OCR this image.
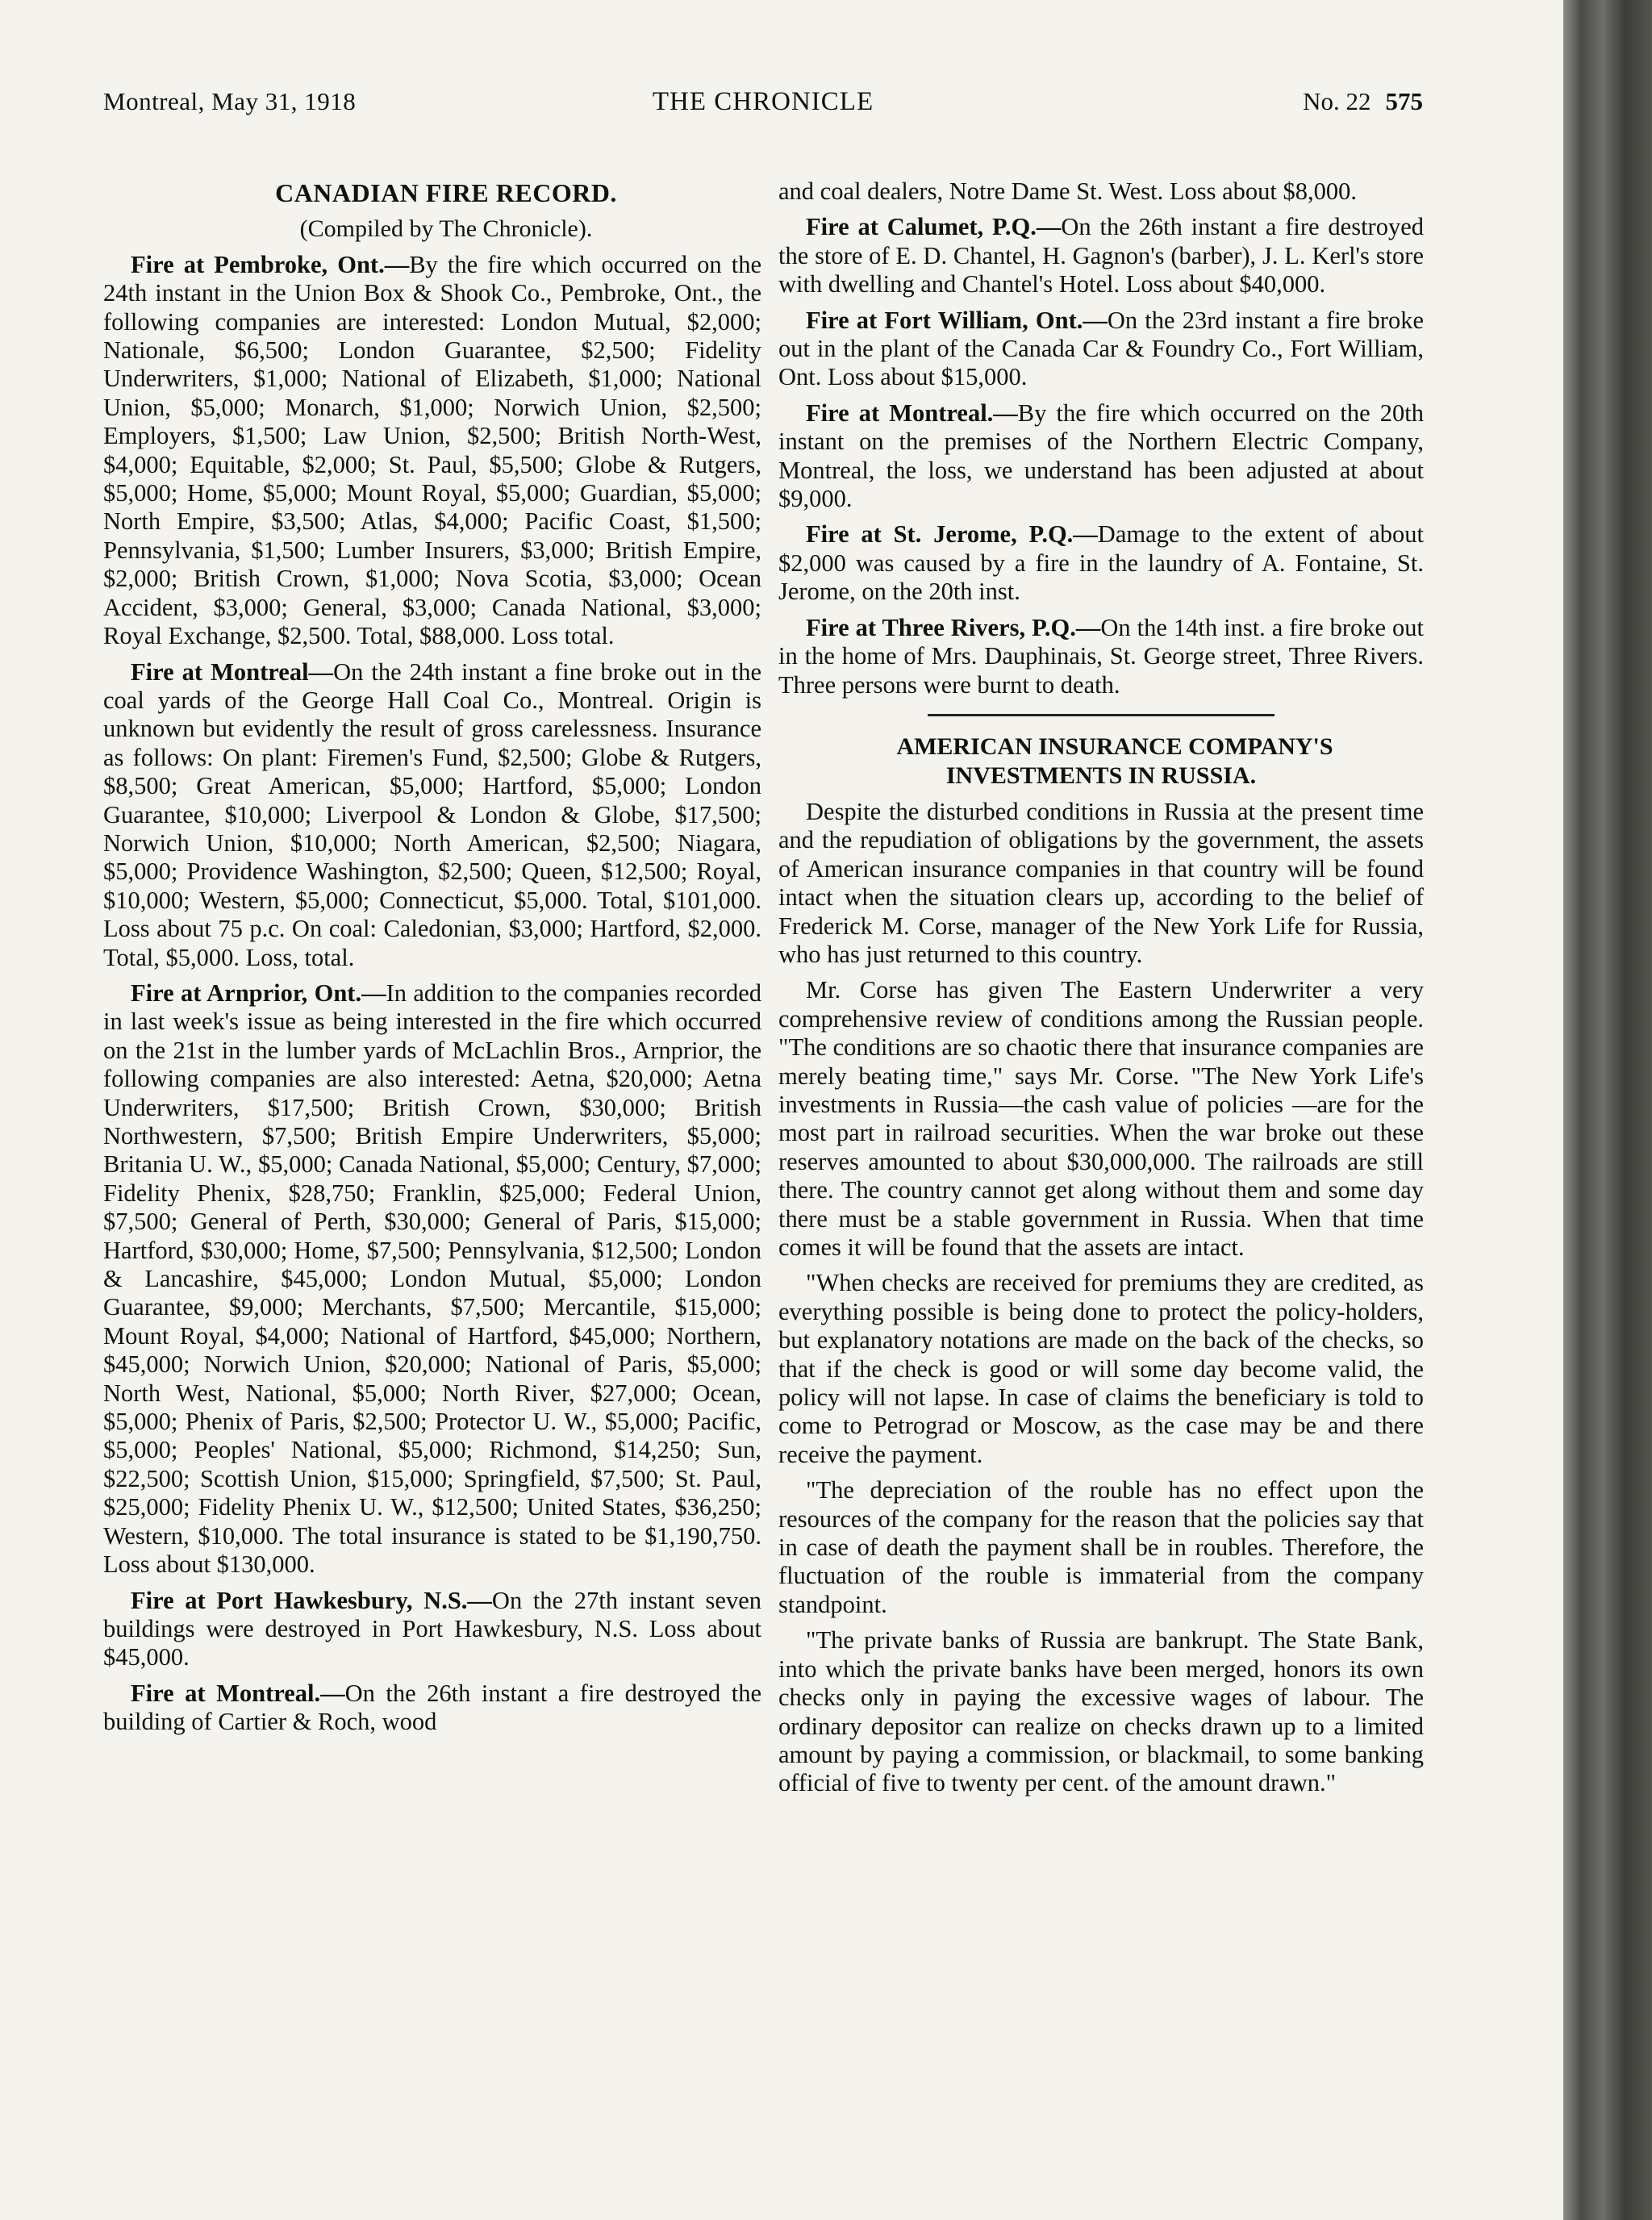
Montreal, May 31, 1918	THE CHRONICLE	No. 22 575

CANADIAN FIRE RECORD.

(Compiled by The Chronicle).

Fire at Pembroke, Ont.—By the fire which occurred on the 24th instant in the Union Box & Shook Co., Pembroke, Ont., the following companies are interested: London Mutual, $2,000; Nationale, $6,500; London Guarantee, $2,500; Fidelity Underwriters, $1,000; National of Elizabeth, $1,000; National Union, $5,000; Monarch, $1,000; Norwich Union, $2,500; Employers, $1,500; Law Union, $2,500; British North-West, $4,000; Equitable, $2,000; St. Paul, $5,500; Globe & Rutgers, $5,000; Home, $5,000; Mount Royal, $5,000; Guardian, $5,000; North Empire, $3,500; Atlas, $4,000; Pacific Coast, $1,500; Pennsylvania, $1,500; Lumber Insurers, $3,000; British Empire, $2,000; British Crown, $1,000; Nova Scotia, $3,000; Ocean Accident, $3,000; General, $3,000; Canada National, $3,000; Royal Exchange, $2,500. Total, $88,000. Loss total.

Fire at Montreal—On the 24th instant a fine broke out in the coal yards of the George Hall Coal Co., Montreal. Origin is unknown but evidently the result of gross carelessness. Insurance as follows: On plant: Firemen's Fund, $2,500; Globe & Rutgers, $8,500; Great American, $5,000; Hartford, $5,000; London Guarantee, $10,000; Liverpool & London & Globe, $17,500; Norwich Union, $10,000; North American, $2,500; Niagara, $5,000; Providence Washington, $2,500; Queen, $12,500; Royal, $10,000; Western, $5,000; Connecticut, $5,000. Total, $101,000. Loss about 75 p.c. On coal: Caledonian, $3,000; Hartford, $2,000. Total, $5,000. Loss, total.

Fire at Arnprior, Ont.—In addition to the companies recorded in last week's issue as being interested in the fire which occurred on the 21st in the lumber yards of McLachlin Bros., Arnprior, the following companies are also interested: Aetna, $20,000; Aetna Underwriters, $17,500; British Crown, $30,000; British Northwestern, $7,500; British Empire Underwriters, $5,000; Britania U. W., $5,000; Canada National, $5,000; Century, $7,000; Fidelity Phenix, $28,750; Franklin, $25,000; Federal Union, $7,500; General of Perth, $30,000; General of Paris, $15,000; Hartford, $30,000; Home, $7,500; Pennsylvania, $12,500; London & Lancashire, $45,000; London Mutual, $5,000; London Guarantee, $9,000; Merchants, $7,500; Mercantile, $15,000; Mount Royal, $4,000; National of Hartford, $45,000; Northern, $45,000; Norwich Union, $20,000; National of Paris, $5,000; North West, National, $5,000; North River, $27,000; Ocean, $5,000; Phenix of Paris, $2,500; Protector U. W., $5,000; Pacific, $5,000; Peoples' National, $5,000; Richmond, $14,250; Sun, $22,500; Scottish Union, $15,000; Springfield, $7,500; St. Paul, $25,000; Fidelity Phenix U. W., $12,500; United States, $36,250; Western, $10,000. The total insurance is stated to be $1,190,750. Loss about $130,000.

Fire at Port Hawkesbury, N.S.—On the 27th instant seven buildings were destroyed in Port Hawkesbury, N.S. Loss about $45,000.

Fire at Montreal.—On the 26th instant a fire destroyed the building of Cartier & Roch, wood

and coal dealers, Notre Dame St. West. Loss about $8,000.

Fire at Calumet, P.Q.—On the 26th instant a fire destroyed the store of E. D. Chantel, H. Gagnon's (barber), J. L. Kerl's store with dwelling and Chantel's Hotel. Loss about $40,000.

Fire at Fort William, Ont.—On the 23rd instant a fire broke out in the plant of the Canada Car & Foundry Co., Fort William, Ont. Loss about $15,000.

Fire at Montreal.—By the fire which occurred on the 20th instant on the premises of the Northern Electric Company, Montreal, the loss, we understand has been adjusted at about $9,000.

Fire at St. Jerome, P.Q.—Damage to the extent of about $2,000 was caused by a fire in the laundry of A. Fontaine, St. Jerome, on the 20th inst.

Fire at Three Rivers, P.Q.—On the 14th inst. a fire broke out in the home of Mrs. Dauphinais, St. George street, Three Rivers. Three persons were burnt to death.

AMERICAN INSURANCE COMPANY'S
INVESTMENTS IN RUSSIA.

Despite the disturbed conditions in Russia at the present time and the repudiation of obligations by the government, the assets of American insurance companies in that country will be found intact when the situation clears up, according to the belief of Frederick M. Corse, manager of the New York Life for Russia, who has just returned to this country.

Mr. Corse has given The Eastern Underwriter a very comprehensive review of conditions among the Russian people. "The conditions are so chaotic there that insurance companies are merely beating time," says Mr. Corse. "The New York Life's investments in Russia—the cash value of policies —are for the most part in railroad securities. When the war broke out these reserves amounted to about $30,000,000. The railroads are still there. The country cannot get along without them and some day there must be a stable government in Russia. When that time comes it will be found that the assets are intact.

"When checks are received for premiums they are credited, as everything possible is being done to protect the policy-holders, but explanatory notations are made on the back of the checks, so that if the check is good or will some day become valid, the policy will not lapse. In case of claims the beneficiary is told to come to Petrograd or Moscow, as the case may be and there receive the payment.

"The depreciation of the rouble has no effect upon the resources of the company for the reason that the policies say that in case of death the payment shall be in roubles. Therefore, the fluctuation of the rouble is immaterial from the company standpoint.

"The private banks of Russia are bankrupt. The State Bank, into which the private banks have been merged, honors its own checks only in paying the excessive wages of labour. The ordinary depositor can realize on checks drawn up to a limited amount by paying a commission, or blackmail, to some banking official of five to twenty per cent. of the amount drawn."
